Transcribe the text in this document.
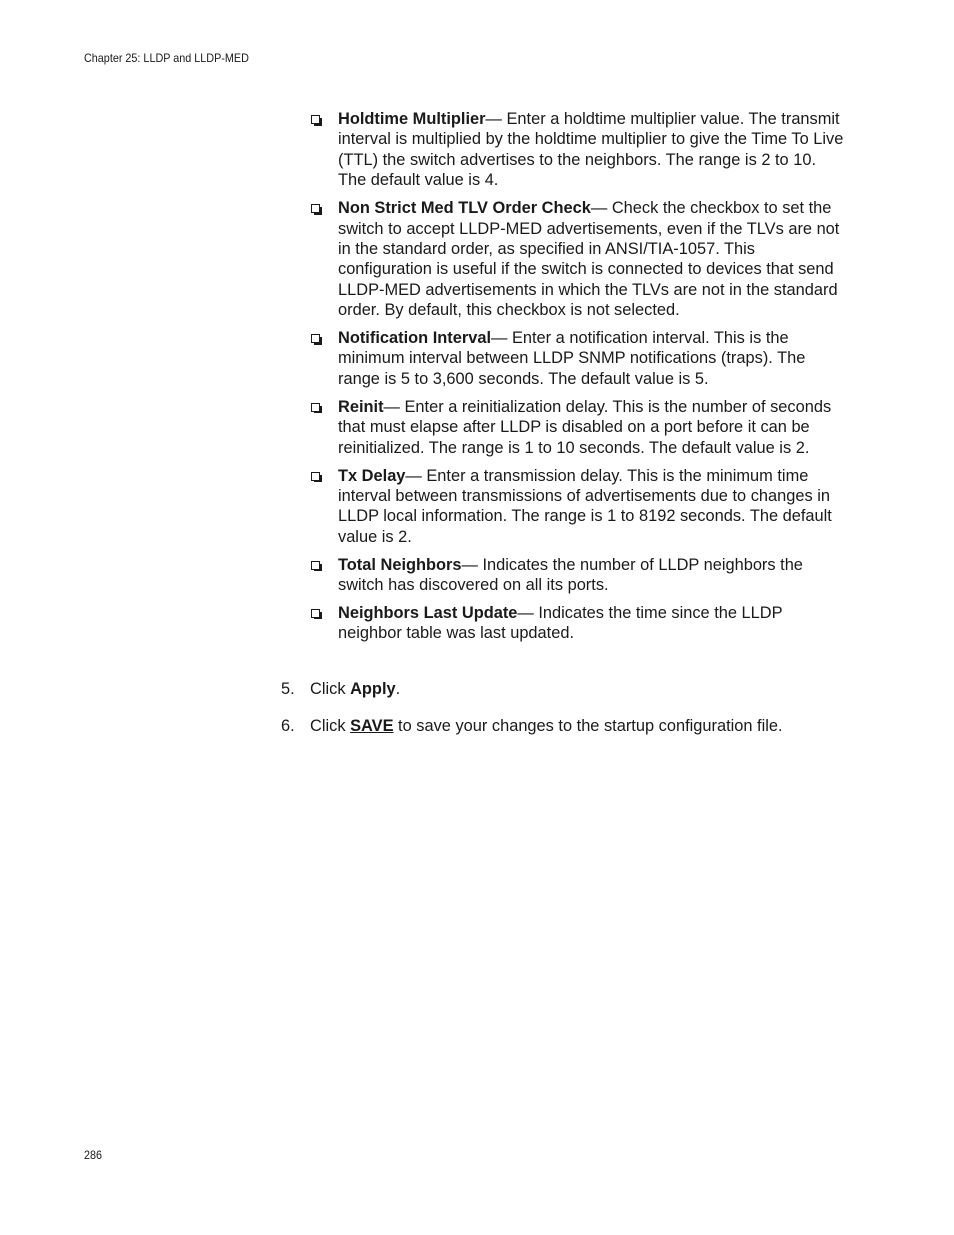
Chapter 25: LLDP and LLDP-MED
Holdtime Multiplier— Enter a holdtime multiplier value. The transmit interval is multiplied by the holdtime multiplier to give the Time To Live (TTL) the switch advertises to the neighbors. The range is 2 to 10. The default value is 4.
Non Strict Med TLV Order Check— Check the checkbox to set the switch to accept LLDP-MED advertisements, even if the TLVs are not in the standard order, as specified in ANSI/TIA-1057. This configuration is useful if the switch is connected to devices that send LLDP-MED advertisements in which the TLVs are not in the standard order. By default, this checkbox is not selected.
Notification Interval— Enter a notification interval. This is the minimum interval between LLDP SNMP notifications (traps). The range is 5 to 3,600 seconds. The default value is 5.
Reinit— Enter a reinitialization delay. This is the number of seconds that must elapse after LLDP is disabled on a port before it can be reinitialized. The range is 1 to 10 seconds. The default value is 2.
Tx Delay— Enter a transmission delay. This is the minimum time interval between transmissions of advertisements due to changes in LLDP local information. The range is 1 to 8192 seconds. The default value is 2.
Total Neighbors— Indicates the number of LLDP neighbors the switch has discovered on all its ports.
Neighbors Last Update— Indicates the time since the LLDP neighbor table was last updated.
5. Click Apply.
6. Click SAVE to save your changes to the startup configuration file.
286
